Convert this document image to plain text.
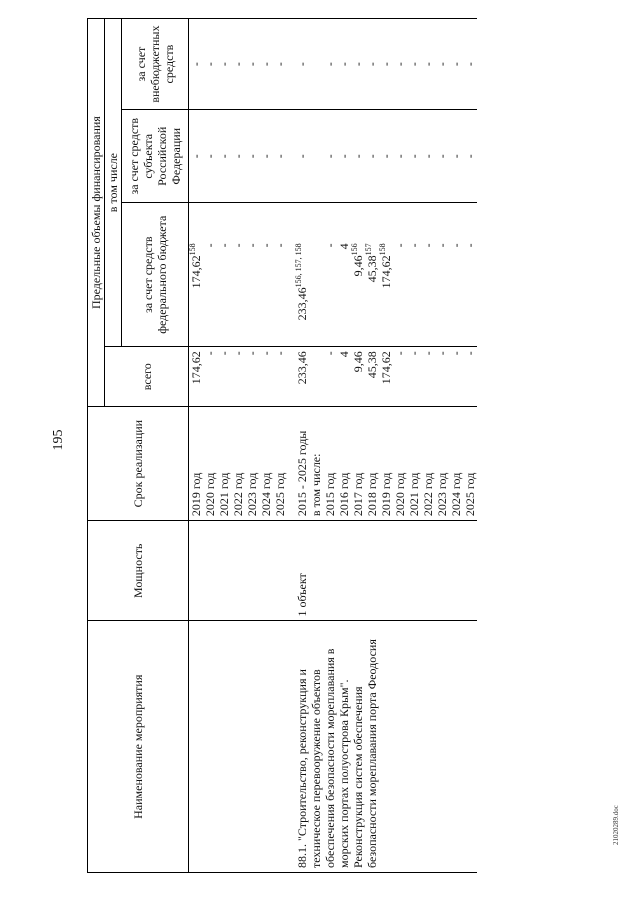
195
21020289.doc
Наименование мероприятия	Мощность	Срок реализации	Предельные объемы финансирования			
			всего	в том числе		
				за счет средств федерального бюджета	за счет средств субъекта Российской Федерации	за счет внебюджетных средств
		2019 год	174,62	174,62$^{158}$	-	-
		2020 год	-	-	-	-
		2021 год	-	-	-	-
		2022 год	-	-	-	-
		2023 год	-	-	-	-
		2024 год	-	-	-	-
		2025 год	-	-	-	-

88.1. "Строительство, реконструкция и техническое перевооружение объектов обеспечения безопасности мореплавания в морских портах полуострова Крым". Реконструкция систем обеспечения безопасности мореплавания порта Феодосия	1 объект	2015 - 2025 годы	233,46	233,46$^{156, 157, 158}$	-	-
		в том числе:				
		2015 год	-	-	-	-
		2016 год	4	4	-	-
		2017 год	9,46	9,46$^{156}$	-	-
		2018 год	45,38	45,38$^{157}$	-	-
		2019 год	174,62	174,62$^{158}$	-	-
		2020 год	-	-	-	-
		2021 год	-	-	-	-
		2022 год	-	-	-	-
		2023 год	-	-	-	-
		2024 год	-	-	-	-
		2025 год	-	-	-	-
